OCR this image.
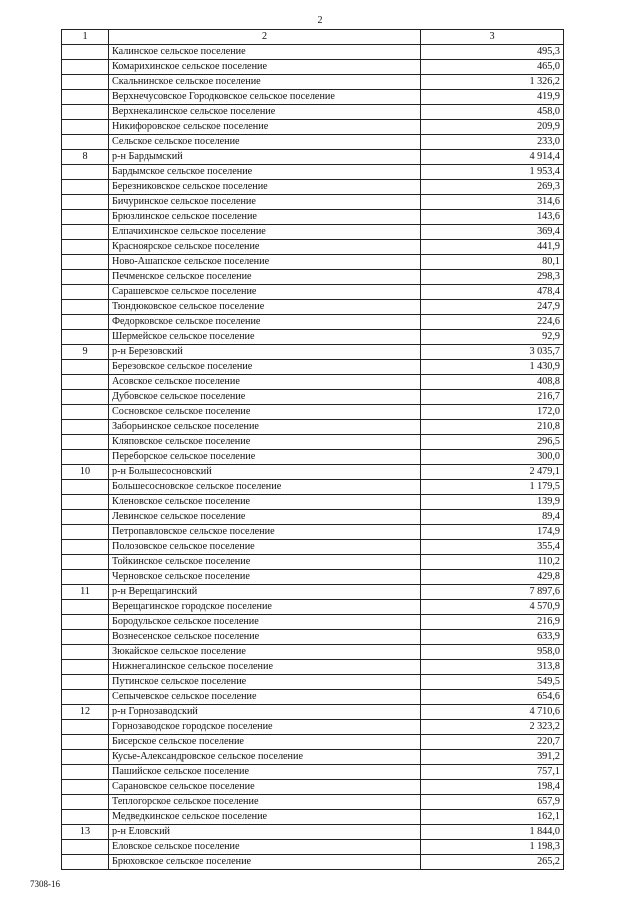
2
1	2	3
	Калинское сельское поселение	495,3
	Комарихинское сельское поселение	465,0
	Скальнинское сельское поселение	1 326,2
	Верхнечусовское Городковское сельское поселение	419,9
	Верхнекалинское сельское поселение	458,0
	Никифоровское сельское поселение	209,9
	Сельское сельское поселение	233,0
8	р-н Бардымский	4 914,4
	Бардымское сельское поселение	1 953,4
	Березниковское сельское поселение	269,3
	Бичуринское сельское поселение	314,6
	Брюзлинское сельское поселение	143,6
	Елпачихинское сельское поселение	369,4
	Красноярское сельское поселение	441,9
	Ново-Ашапское сельское поселение	80,1
	Печменское сельское поселение	298,3
	Сарашевское сельское поселение	478,4
	Тюндюковское сельское поселение	247,9
	Федорковское сельское поселение	224,6
	Шермейское сельское поселение	92,9
9	р-н Березовский	3 035,7
	Березовское сельское поселение	1 430,9
	Асовское сельское поселение	408,8
	Дубовское сельское поселение	216,7
	Сосновское сельское поселение	172,0
	Заборьинское сельское поселение	210,8
	Кляповское сельское поселение	296,5
	Переборское сельское поселение	300,0
10	р-н Большесосновский	2 479,1
	Большесосновское сельское поселение	1 179,5
	Кленовское сельское поселение	139,9
	Левинское сельское поселение	89,4
	Петропавловское сельское поселение	174,9
	Полозовское сельское поселение	355,4
	Тойкинское сельское поселение	110,2
	Черновское сельское поселение	429,8
11	р-н Верещагинский	7 897,6
	Верещагинское городское поселение	4 570,9
	Бородульское сельское поселение	216,9
	Вознесенское сельское поселение	633,9
	Зюкайское сельское поселение	958,0
	Нижнегалинское сельское поселение	313,8
	Путинское сельское поселение	549,5
	Сепычевское сельское поселение	654,6
12	р-н Горнозаводский	4 710,6
	Горнозаводское городское поселение	2 323,2
	Бисерское сельское поселение	220,7
	Кусье-Александровское сельское поселение	391,2
	Пашийское сельское поселение	757,1
	Сарановское сельское поселение	198,4
	Теплогорское сельское поселение	657,9
	Медведкинское сельское поселение	162,1
13	р-н Еловский	1 844,0
	Еловское сельское поселение	1 198,3
	Брюховское сельское поселение	265,2
7308-16
